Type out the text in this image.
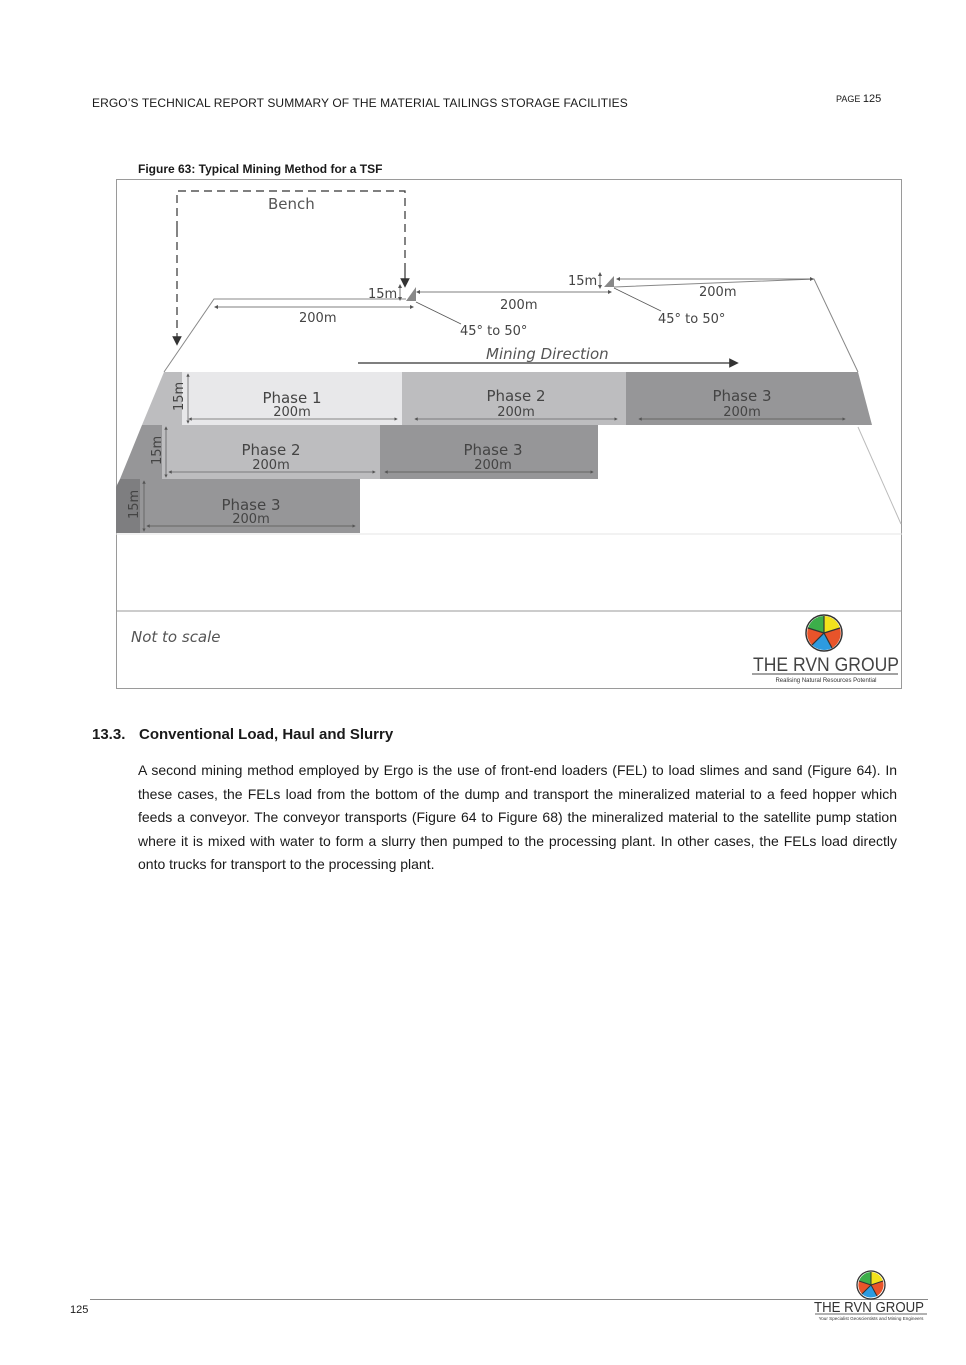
ERGO’S TECHNICAL REPORT SUMMARY OF THE MATERIAL TAILINGS STORAGE FACILITIES	PAGE 125
Figure 63: Typical Mining Method for a TSF
Bench
200m
200m
200m
15m
15m
45° to 50°
45° to 50°
Mining Direction
Phase 1
200m
Phase 2
200m
Phase 3
200m
15m
Phase 2
200m
Phase 3
200m
15m
Phase 3
200m
15m
Not to scale
THE RVN GROUP
Realising Natural Resources Potential
13.3. Conventional Load, Haul and Slurry
A second mining method employed by Ergo is the use of front-end loaders (FEL) to load slimes and sand (Figure 64). In these cases, the FELs load from the bottom of the dump and transport the mineralized material to a feed hopper which feeds a conveyor. The conveyor transports (Figure 64 to Figure 68) the mineralized material to the satellite pump station where it is mixed with water to form a slurry then pumped to the processing plant. In other cases, the FELs load directly onto trucks for transport to the processing plant.
125	THE RVN GROUP
Your Specialist Geoscientists and Mining Engineers
